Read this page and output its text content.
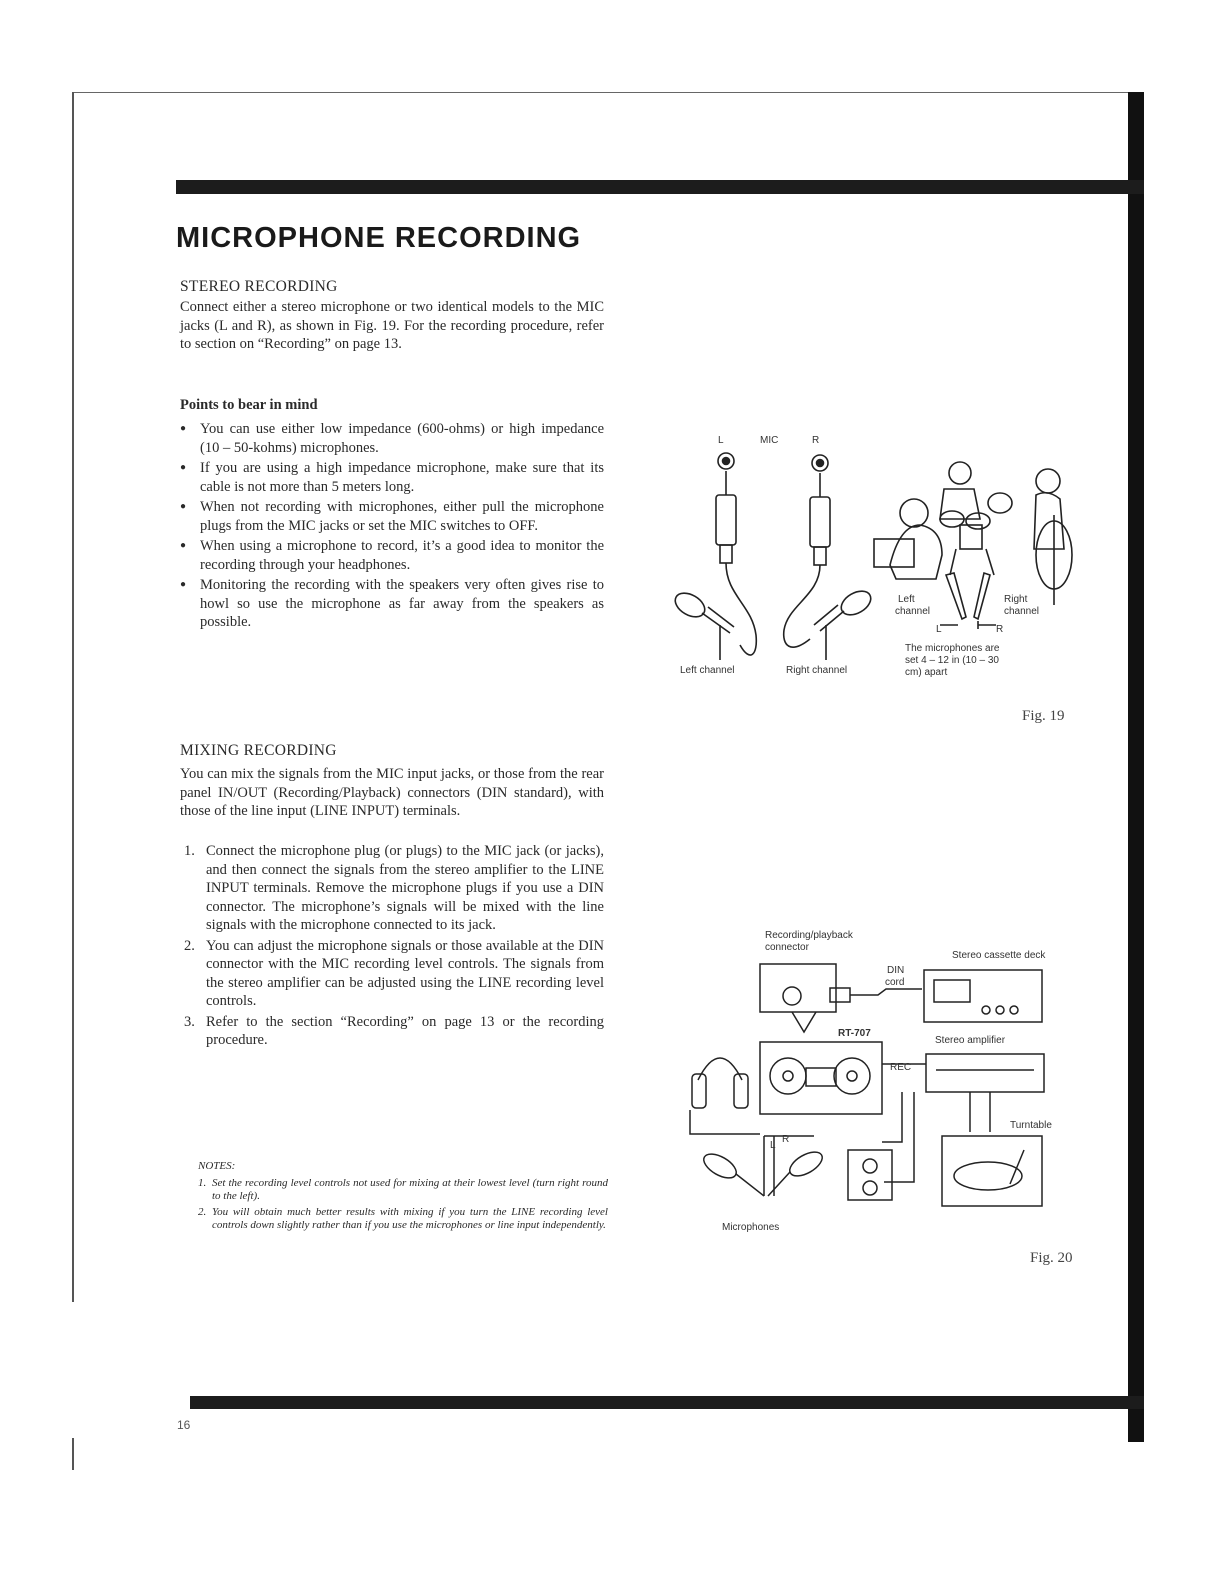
MICROPHONE RECORDING
STEREO RECORDING
Connect either a stereo microphone or two identical models to the MIC jacks (L and R), as shown in Fig. 19. For the recording procedure, refer to section on “Recording” on page 13.
Points to bear in mind
● You can use either low impedance (600-ohms) or high impedance (10 – 50-kohms) microphones.
● If you are using a high impedance microphone, make sure that its cable is not more than 5 meters long.
● When not recording with microphones, either pull the microphone plugs from the MIC jacks or set the MIC switches to OFF.
● When using a microphone to record, it’s a good idea to monitor the recording through your headphones.
● Monitoring the recording with the speakers very often gives rise to howl so use the microphone as far away from the speakers as possible.
MIXING RECORDING
You can mix the signals from the MIC input jacks, or those from the rear panel IN/OUT (Recording/Playback) connectors (DIN standard), with those of the line input (LINE INPUT) terminals.
1. Connect the microphone plug (or plugs) to the MIC jack (or jacks), and then connect the signals from the stereo amplifier to the LINE INPUT terminals. Remove the microphone plugs if you use a DIN connector. The microphone’s signals will be mixed with the line signals with the microphone connected to its jack.
2. You can adjust the microphone signals or those available at the DIN connector with the MIC recording level controls. The signals from the stereo amplifier can be adjusted using the LINE recording level controls.
3. Refer to the section “Recording” on page 13 or the recording procedure.
NOTES:
1. Set the recording level controls not used for mixing at their lowest level (turn right round to the left).
2. You will obtain much better results with mixing if you turn the LINE recording level controls down slightly rather than if you use the microphones or line input independently.
L	MIC	R
Left channel	Right channel
Left
channel
Right
channel
L	R
The microphones are
set 4 – 12 in (10 – 30
cm) apart
Fig. 19
Recording/playback
connector
Stereo cassette deck
DIN
cord
RT-707
Stereo amplifier
REC
Turntable
L
R
Microphones
Fig. 20
16
